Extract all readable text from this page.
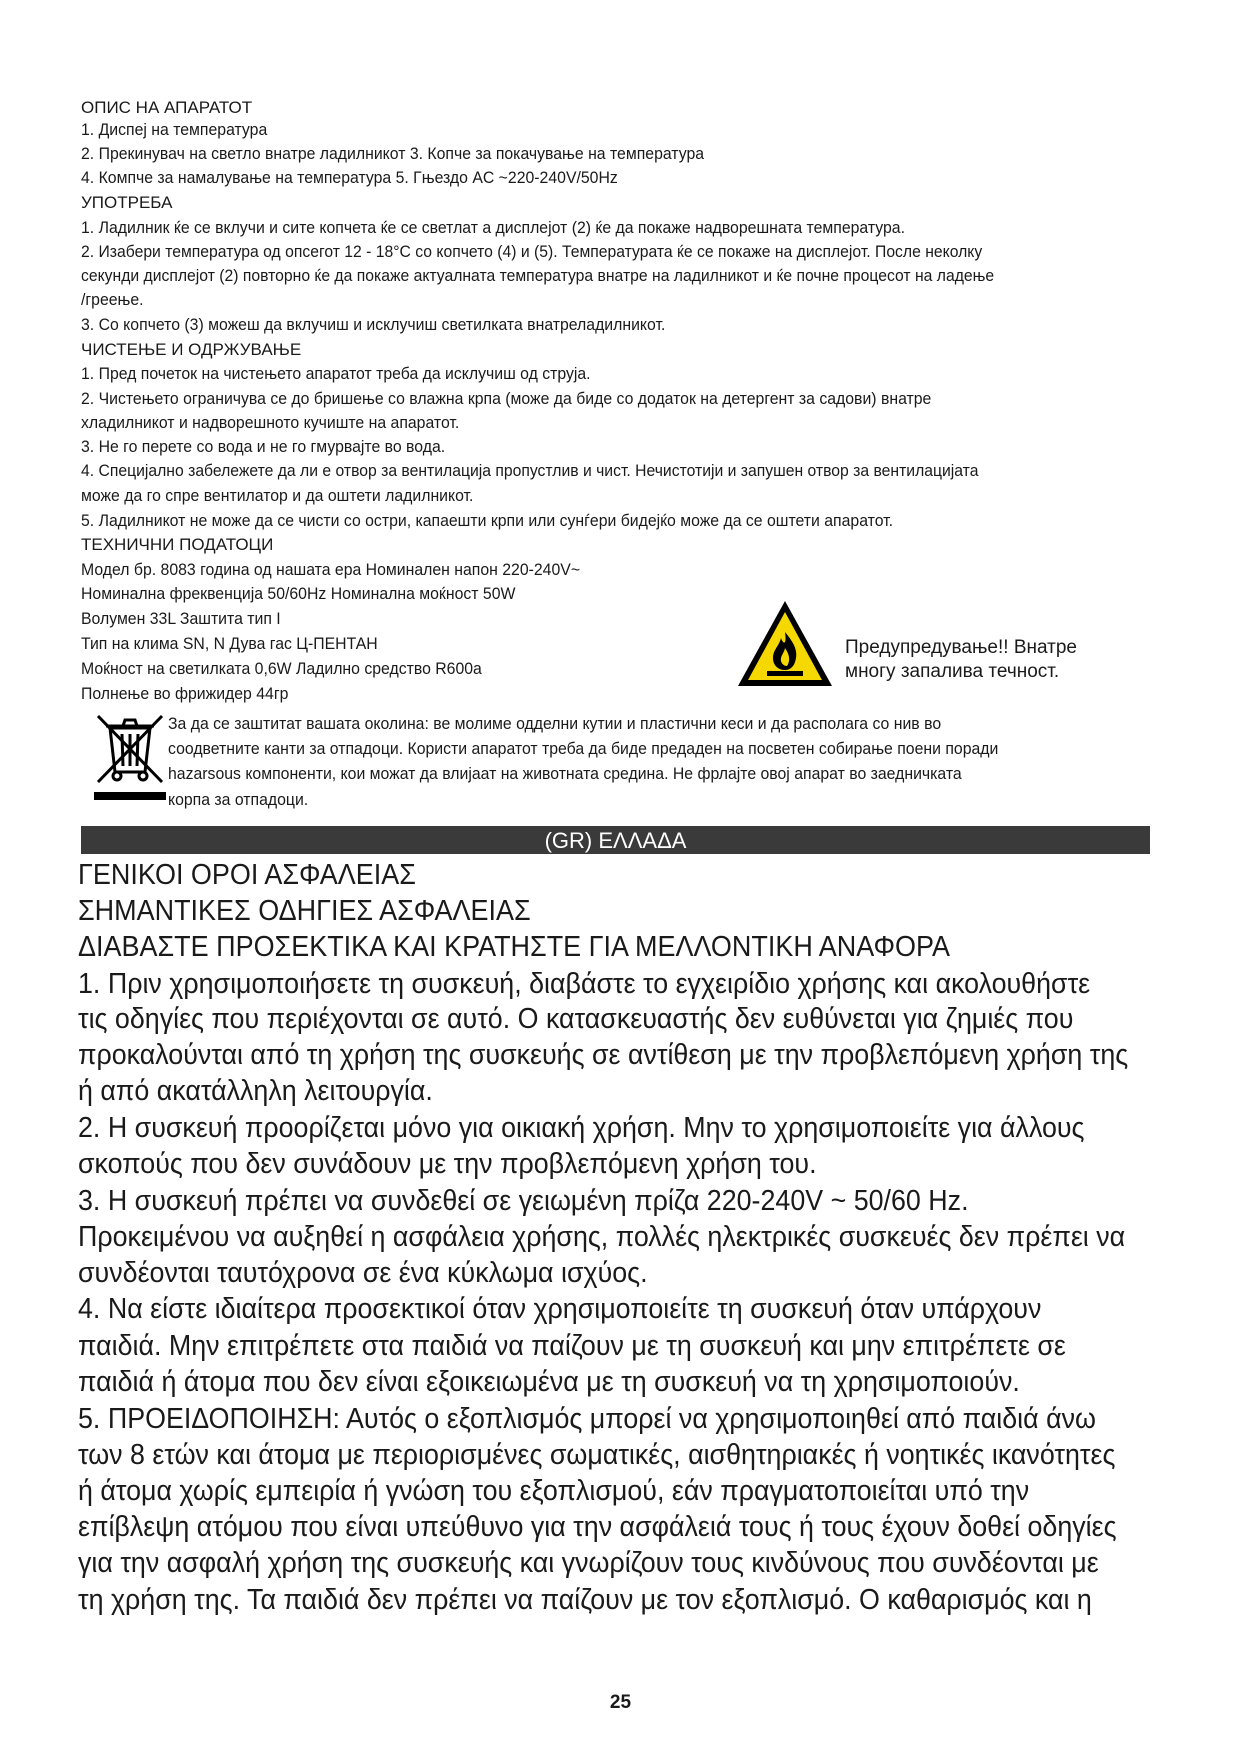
ОПИС НА АПАРАТОТ
1. Диспеј на температура
2. Прекинувач на светло внатре ладилникот 3. Копче за покачување на температура
4. Компче за намалување на температура 5. Гњездо AC ~220-240V/50Hz
УПОТРЕБА
1. Ладилник ќе се вклучи и сите копчета ќе се светлат а дисплејот (2) ќе да покаже надворешната температура.
2. Изабери температура од опсегот 12 - 18°C со копчето (4) и (5). Температурата ќе се покаже на дисплејот. После неколку
секунди дисплејот (2) повторно ќе да покаже актуалната температура внатре на ладилникот и ќе почне процесот на ладење
/греење.
3. Со копчето (3) можеш да вклучиш и исклучиш светилката внатреладилникот.
ЧИСТЕЊЕ И ОДРЖУВАЊЕ
1. Пред почеток на чистењето апаратот треба да исклучиш од струја.
2. Чистењето ограничува се до бришење со влажна крпа (може да биде со додаток на детергент за садови) внатре
хладилникот и надворешното кучиште на апаратот.
3. Не го перете со вода и не го гмурвајте во вода.
4. Специјално забележете да ли е отвор за вентилација пропустлив и чист. Нечистотији и запушен отвор за вентилацијата
може да го спре вентилатор и да оштети ладилникот.
5. Ладилникот не може да се чисти со остри, капаешти крпи или сунѓери бидејќо може да се оштети апаратот.
ТЕХНИЧНИ ПОДАТОЦИ
Модел бр. 8083 година од нашата ера Номинален напон 220-240V~
Номинална фреквенција 50/60Hz Номинална моќност 50W
Волумен 33L Заштита тип I
Тип на клима SN, N Дува гас Ц-ПЕНТАН
Моќност на светилката 0,6W Ладилно средство R600a
Полнење во фрижидер 44гр
Предупредување!! Внатре
многу запалива течност.
За да се заштитат вашата околина: ве молиме одделни кутии и пластични кеси и да располага со нив во
соодветните канти за отпадоци. Користи апаратот треба да биде предаден на посветен собирање поени поради
hazarsous компоненти, кои можат да влијаат на животната средина. Не фрлајте овој апарат во заедничката
корпа за отпадоци.
(GR) ΕΛΛΑΔΑ
ΓΕΝΙΚΟΙ ΟΡΟΙ ΑΣΦΑΛΕΙΑΣ
ΣΗΜΑΝΤΙΚΕΣ ΟΔΗΓΙΕΣ ΑΣΦΑΛΕΙΑΣ
ΔΙΑΒΑΣΤΕ ΠΡΟΣΕΚΤΙΚΑ ΚΑΙ ΚΡΑΤΗΣΤΕ ΓΙΑ ΜΕΛΛΟΝΤΙΚΗ ΑΝΑΦΟΡΑ
1. Πριν χρησιμοποιήσετε τη συσκευή, διαβάστε το εγχειρίδιο χρήσης και ακολουθήστε
τις οδηγίες που περιέχονται σε αυτό. Ο κατασκευαστής δεν ευθύνεται για ζημιές που
προκαλούνται από τη χρήση της συσκευής σε αντίθεση με την προβλεπόμενη χρήση της
ή από ακατάλληλη λειτουργία.
2. Η συσκευή προορίζεται μόνο για οικιακή χρήση. Μην το χρησιμοποιείτε για άλλους
σκοπούς που δεν συνάδουν με την προβλεπόμενη χρήση του.
3. Η συσκευή πρέπει να συνδεθεί σε γειωμένη πρίζα 220-240V ~ 50/60 Hz.
Προκειμένου να αυξηθεί η ασφάλεια χρήσης, πολλές ηλεκτρικές συσκευές δεν πρέπει να
συνδέονται ταυτόχρονα σε ένα κύκλωμα ισχύος.
4. Να είστε ιδιαίτερα προσεκτικοί όταν χρησιμοποιείτε τη συσκευή όταν υπάρχουν
παιδιά. Μην επιτρέπετε στα παιδιά να παίζουν με τη συσκευή και μην επιτρέπετε σε
παιδιά ή άτομα που δεν είναι εξοικειωμένα με τη συσκευή να τη χρησιμοποιούν.
5. ΠΡΟΕΙΔΟΠΟΙΗΣΗ: Αυτός ο εξοπλισμός μπορεί να χρησιμοποιηθεί από παιδιά άνω
των 8 ετών και άτομα με περιορισμένες σωματικές, αισθητηριακές ή νοητικές ικανότητες
ή άτομα χωρίς εμπειρία ή γνώση του εξοπλισμού, εάν πραγματοποιείται υπό την
επίβλεψη ατόμου που είναι υπεύθυνο για την ασφάλειά τους ή τους έχουν δοθεί οδηγίες
για την ασφαλή χρήση της συσκευής και γνωρίζουν τους κινδύνους που συνδέονται με
τη χρήση της. Τα παιδιά δεν πρέπει να παίζουν με τον εξοπλισμό. Ο καθαρισμός και η
25
